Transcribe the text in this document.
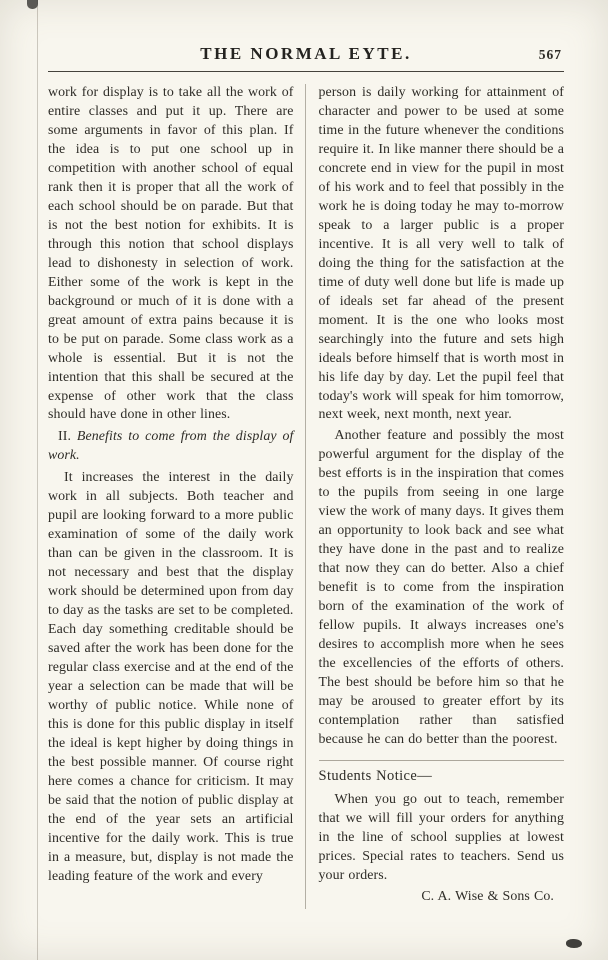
THE NORMAL EYTE.	567

work for display is to take all the work of entire classes and put it up. There are some arguments in favor of this plan. If the idea is to put one school up in competition with another school of equal rank then it is proper that all the work of each school should be on parade. But that is not the best notion for exhibits. It is through this notion that school displays lead to dishonesty in selection of work. Either some of the work is kept in the background or much of it is done with a great amount of extra pains because it is to be put on parade. Some class work as a whole is essential. But it is not the intention that this shall be secured at the expense of other work that the class should have done in other lines.

II. Benefits to come from the display of work.

It increases the interest in the daily work in all subjects. Both teacher and pupil are looking forward to a more public examination of some of the daily work than can be given in the classroom. It is not necessary and best that the display work should be determined upon from day to day as the tasks are set to be completed. Each day something creditable should be saved after the work has been done for the regular class exercise and at the end of the year a selection can be made that will be worthy of public notice. While none of this is done for this public display in itself the ideal is kept higher by doing things in the best possible manner. Of course right here comes a chance for criticism. It may be said that the notion of public display at the end of the year sets an artificial incentive for the daily work. This is true in a measure, but, display is not made the leading feature of the work and every

person is daily working for attainment of character and power to be used at some time in the future whenever the conditions require it. In like manner there should be a concrete end in view for the pupil in most of his work and to feel that possibly in the work he is doing today he may to-morrow speak to a larger public is a proper incentive. It is all very well to talk of doing the thing for the satisfaction at the time of duty well done but life is made up of ideals set far ahead of the present moment. It is the one who looks most searchingly into the future and sets high ideals before himself that is worth most in his life day by day. Let the pupil feel that today's work will speak for him tomorrow, next week, next month, next year.

Another feature and possibly the most powerful argument for the display of the best efforts is in the inspiration that comes to the pupils from seeing in one large view the work of many days. It gives them an opportunity to look back and see what they have done in the past and to realize that now they can do better. Also a chief benefit is to come from the inspiration born of the examination of the work of fellow pupils. It always increases one's desires to accomplish more when he sees the excellencies of the efforts of others. The best should be before him so that he may be aroused to greater effort by its contemplation rather than satisfied because he can do better than the poorest.

Students Notice—

When you go out to teach, remember that we will fill your orders for anything in the line of school supplies at lowest prices. Special rates to teachers. Send us your orders.

C. A. Wise & Sons Co.
